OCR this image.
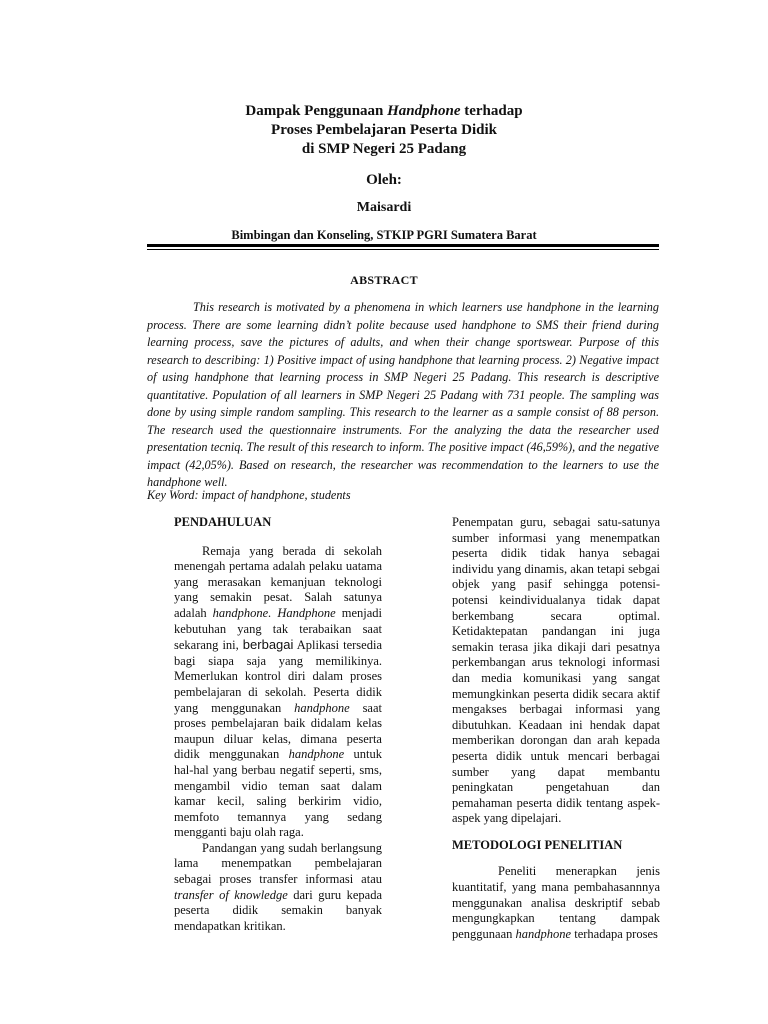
Dampak Penggunaan Handphone terhadap
Proses Pembelajaran Peserta Didik
di SMP Negeri 25 Padang
Oleh:
Maisardi
Bimbingan dan Konseling, STKIP PGRI Sumatera Barat
ABSTRACT

This research is motivated by a phenomena in which learners use handphone in the learning process. There are some learning didn’t polite because used handphone to SMS their friend during learning process, save the pictures of adults, and when their change sportswear. Purpose of this research to describing: 1) Positive impact of using handphone that learning process. 2) Negative impact of using handphone that learning process in SMP Negeri 25 Padang. This research is descriptive quantitative. Population of all learners in SMP Negeri 25 Padang with 731 people. The sampling was done by using simple random sampling. This research to the learner as a sample consist of 88 person. The research used the questionnaire instruments. For the analyzing the data the researcher used presentation tecniq. The result of this research to inform. The positive impact (46,59%), and the negative impact (42,05%). Based on research, the researcher was recommendation to the learners to use the handphone well.

Key Word: impact of handphone, students

PENDAHULUAN

Remaja yang berada di sekolah menengah pertama adalah pelaku uatama yang merasakan kemanjuan teknologi yang semakin pesat. Salah satunya adalah handphone. Handphone menjadi kebutuhan yang tak terabaikan saat sekarang ini, berbagai Aplikasi tersedia bagi siapa saja yang memilikinya. Memerlukan kontrol diri dalam proses pembelajaran di sekolah. Peserta didik yang menggunakan handphone saat proses pembelajaran baik didalam kelas maupun diluar kelas, dimana peserta didik menggunakan handphone untuk hal-hal yang berbau negatif seperti, sms, mengambil vidio teman saat dalam kamar kecil, saling berkirim vidio, memfoto temannya yang sedang mengganti baju olah raga.

Pandangan yang sudah berlangsung lama menempatkan pembelajaran sebagai proses transfer informasi atau transfer of knowledge dari guru kepada peserta didik semakin banyak mendapatkan kritikan.

Penempatan guru, sebagai satu-satunya sumber informasi yang menempatkan peserta didik tidak hanya sebagai individu yang dinamis, akan tetapi sebgai objek yang pasif sehingga potensi-potensi keindividualanya tidak dapat berkembang secara optimal. Ketidaktepatan pandangan ini juga semakin terasa jika dikaji dari pesatnya perkembangan arus teknologi informasi dan media komunikasi yang sangat memungkinkan peserta didik secara aktif mengakses berbagai informasi yang dibutuhkan. Keadaan ini hendak dapat memberikan dorongan dan arah kepada peserta didik untuk mencari berbagai sumber yang dapat membantu peningkatan pengetahuan dan pemahaman peserta didik tentang aspek-aspek yang dipelajari.

METODOLOGI PENELITIAN

Peneliti menerapkan jenis kuantitatif, yang mana pembahasannnya menggunakan analisa deskriptif sebab mengungkapkan tentang dampak penggunaan handphone terhadapa proses
